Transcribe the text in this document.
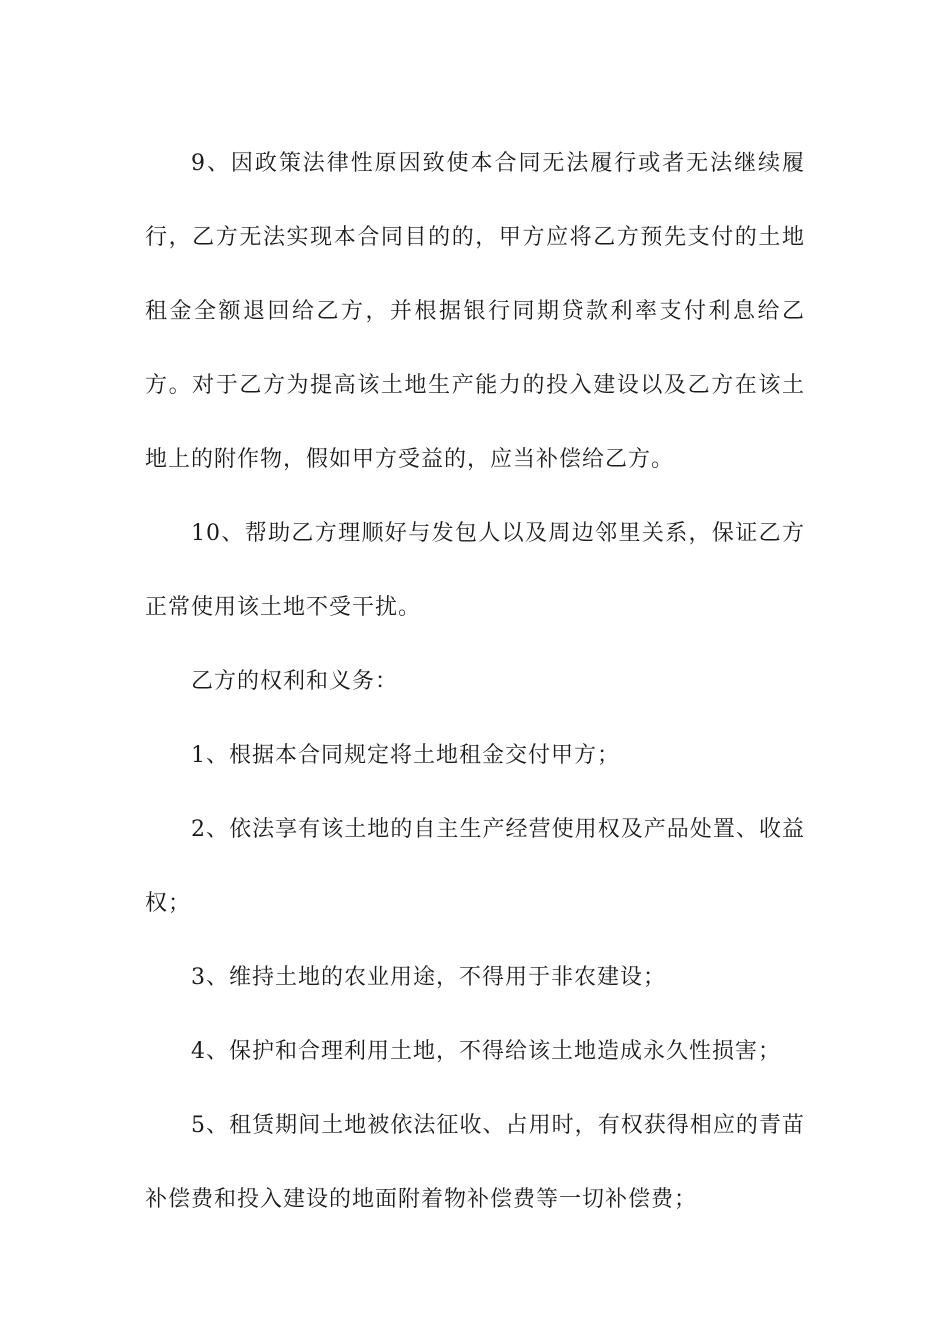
9、因政策法律性原因致使本合同无法履行或者无法继续履行，乙方无法实现本合同目的的，甲方应将乙方预先支付的土地租金全额退回给乙方，并根据银行同期贷款利率支付利息给乙方。对于乙方为提高该土地生产能力的投入建设以及乙方在该土地上的附作物，假如甲方受益的，应当补偿给乙方。

10、帮助乙方理顺好与发包人以及周边邻里关系，保证乙方正常使用该土地不受干扰。

乙方的权利和义务：

1、根据本合同规定将土地租金交付甲方；

2、依法享有该土地的自主生产经营使用权及产品处置、收益权；

3、维持土地的农业用途，不得用于非农建设；

4、保护和合理利用土地，不得给该土地造成永久性损害；

5、租赁期间土地被依法征收、占用时，有权获得相应的青苗补偿费和投入建设的地面附着物补偿费等一切补偿费；
